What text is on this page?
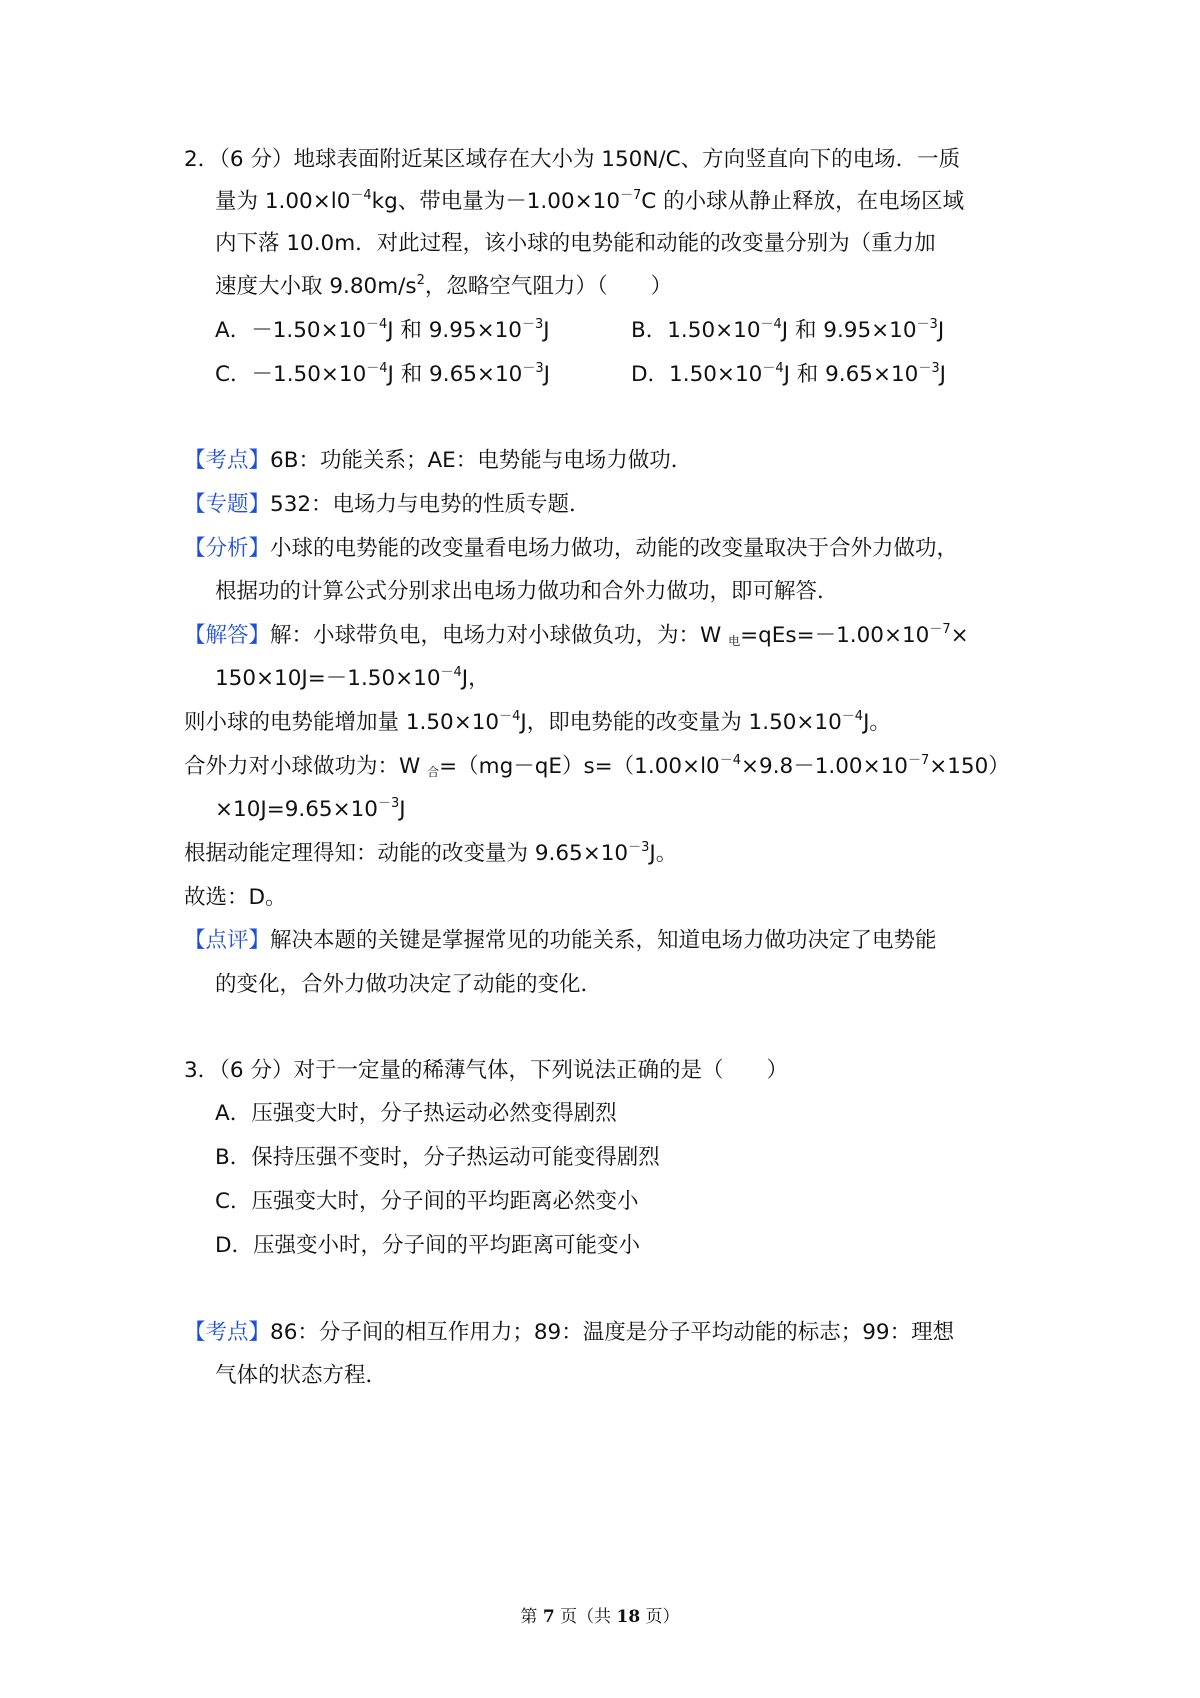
2．（6 分）地球表面附近某区域存在大小为 150N/C、方向竖直向下的电场．一质
量为 $1.00\times l0^{-4}kg$、带电量为$-1.00\times 10^{-7}C$ 的小球从静止释放，在电场区域
内下落 10.0m．对此过程，该小球的电势能和动能的改变量分别为（重力加
速度大小取 $9.80m/s^2$，忽略空气阻力）（　　）
A．$-1.50\times 10^{-4}J$ 和 $9.95\times 10^{-3}J$	B．$1.50\times 10^{-4}J$ 和 $9.95\times 10^{-3}J$
C．$-1.50\times 10^{-4}J$ 和 $9.65\times 10^{-3}J$	D．$1.50\times 10^{-4}J$ 和 $9.65\times 10^{-3}J$
【考点】6B：功能关系；AE：电势能与电场力做功．
【专题】532：电场力与电势的性质专题．
【分析】小球的电势能的改变量看电场力做功，动能的改变量取决于合外力做功，
根据功的计算公式分别求出电场力做功和合外力做功，即可解答．
【解答】解：小球带负电，电场力对小球做负功，为：W $_电=qEs=-1.00\times 10^{-7}\times$
$150\times 10J=-1.50\times 10^{-4}J$，
则小球的电势能增加量 $1.50\times 10^{-4}J$，即电势能的改变量为 $1.50\times 10^{-4}J$。
合外力对小球做功为：W $_合=(mg-qE)s=(1.00\times l0^{-4}\times 9.8-1.00\times 10^{-7}\times 150)$
$\times 10J=9.65\times 10^{-3}J$
根据动能定理得知：动能的改变量为 $9.65\times 10^{-3}J$。
故选：D。
【点评】解决本题的关键是掌握常见的功能关系，知道电场力做功决定了电势能
的变化，合外力做功决定了动能的变化．
3．（6 分）对于一定量的稀薄气体，下列说法正确的是（　　）
A．压强变大时，分子热运动必然变得剧烈
B．保持压强不变时，分子热运动可能变得剧烈
C．压强变大时，分子间的平均距离必然变小
D．压强变小时，分子间的平均距离可能变小
【考点】86：分子间的相互作用力；89：温度是分子平均动能的标志；99：理想
气体的状态方程．
第 7 页（共 18 页）
